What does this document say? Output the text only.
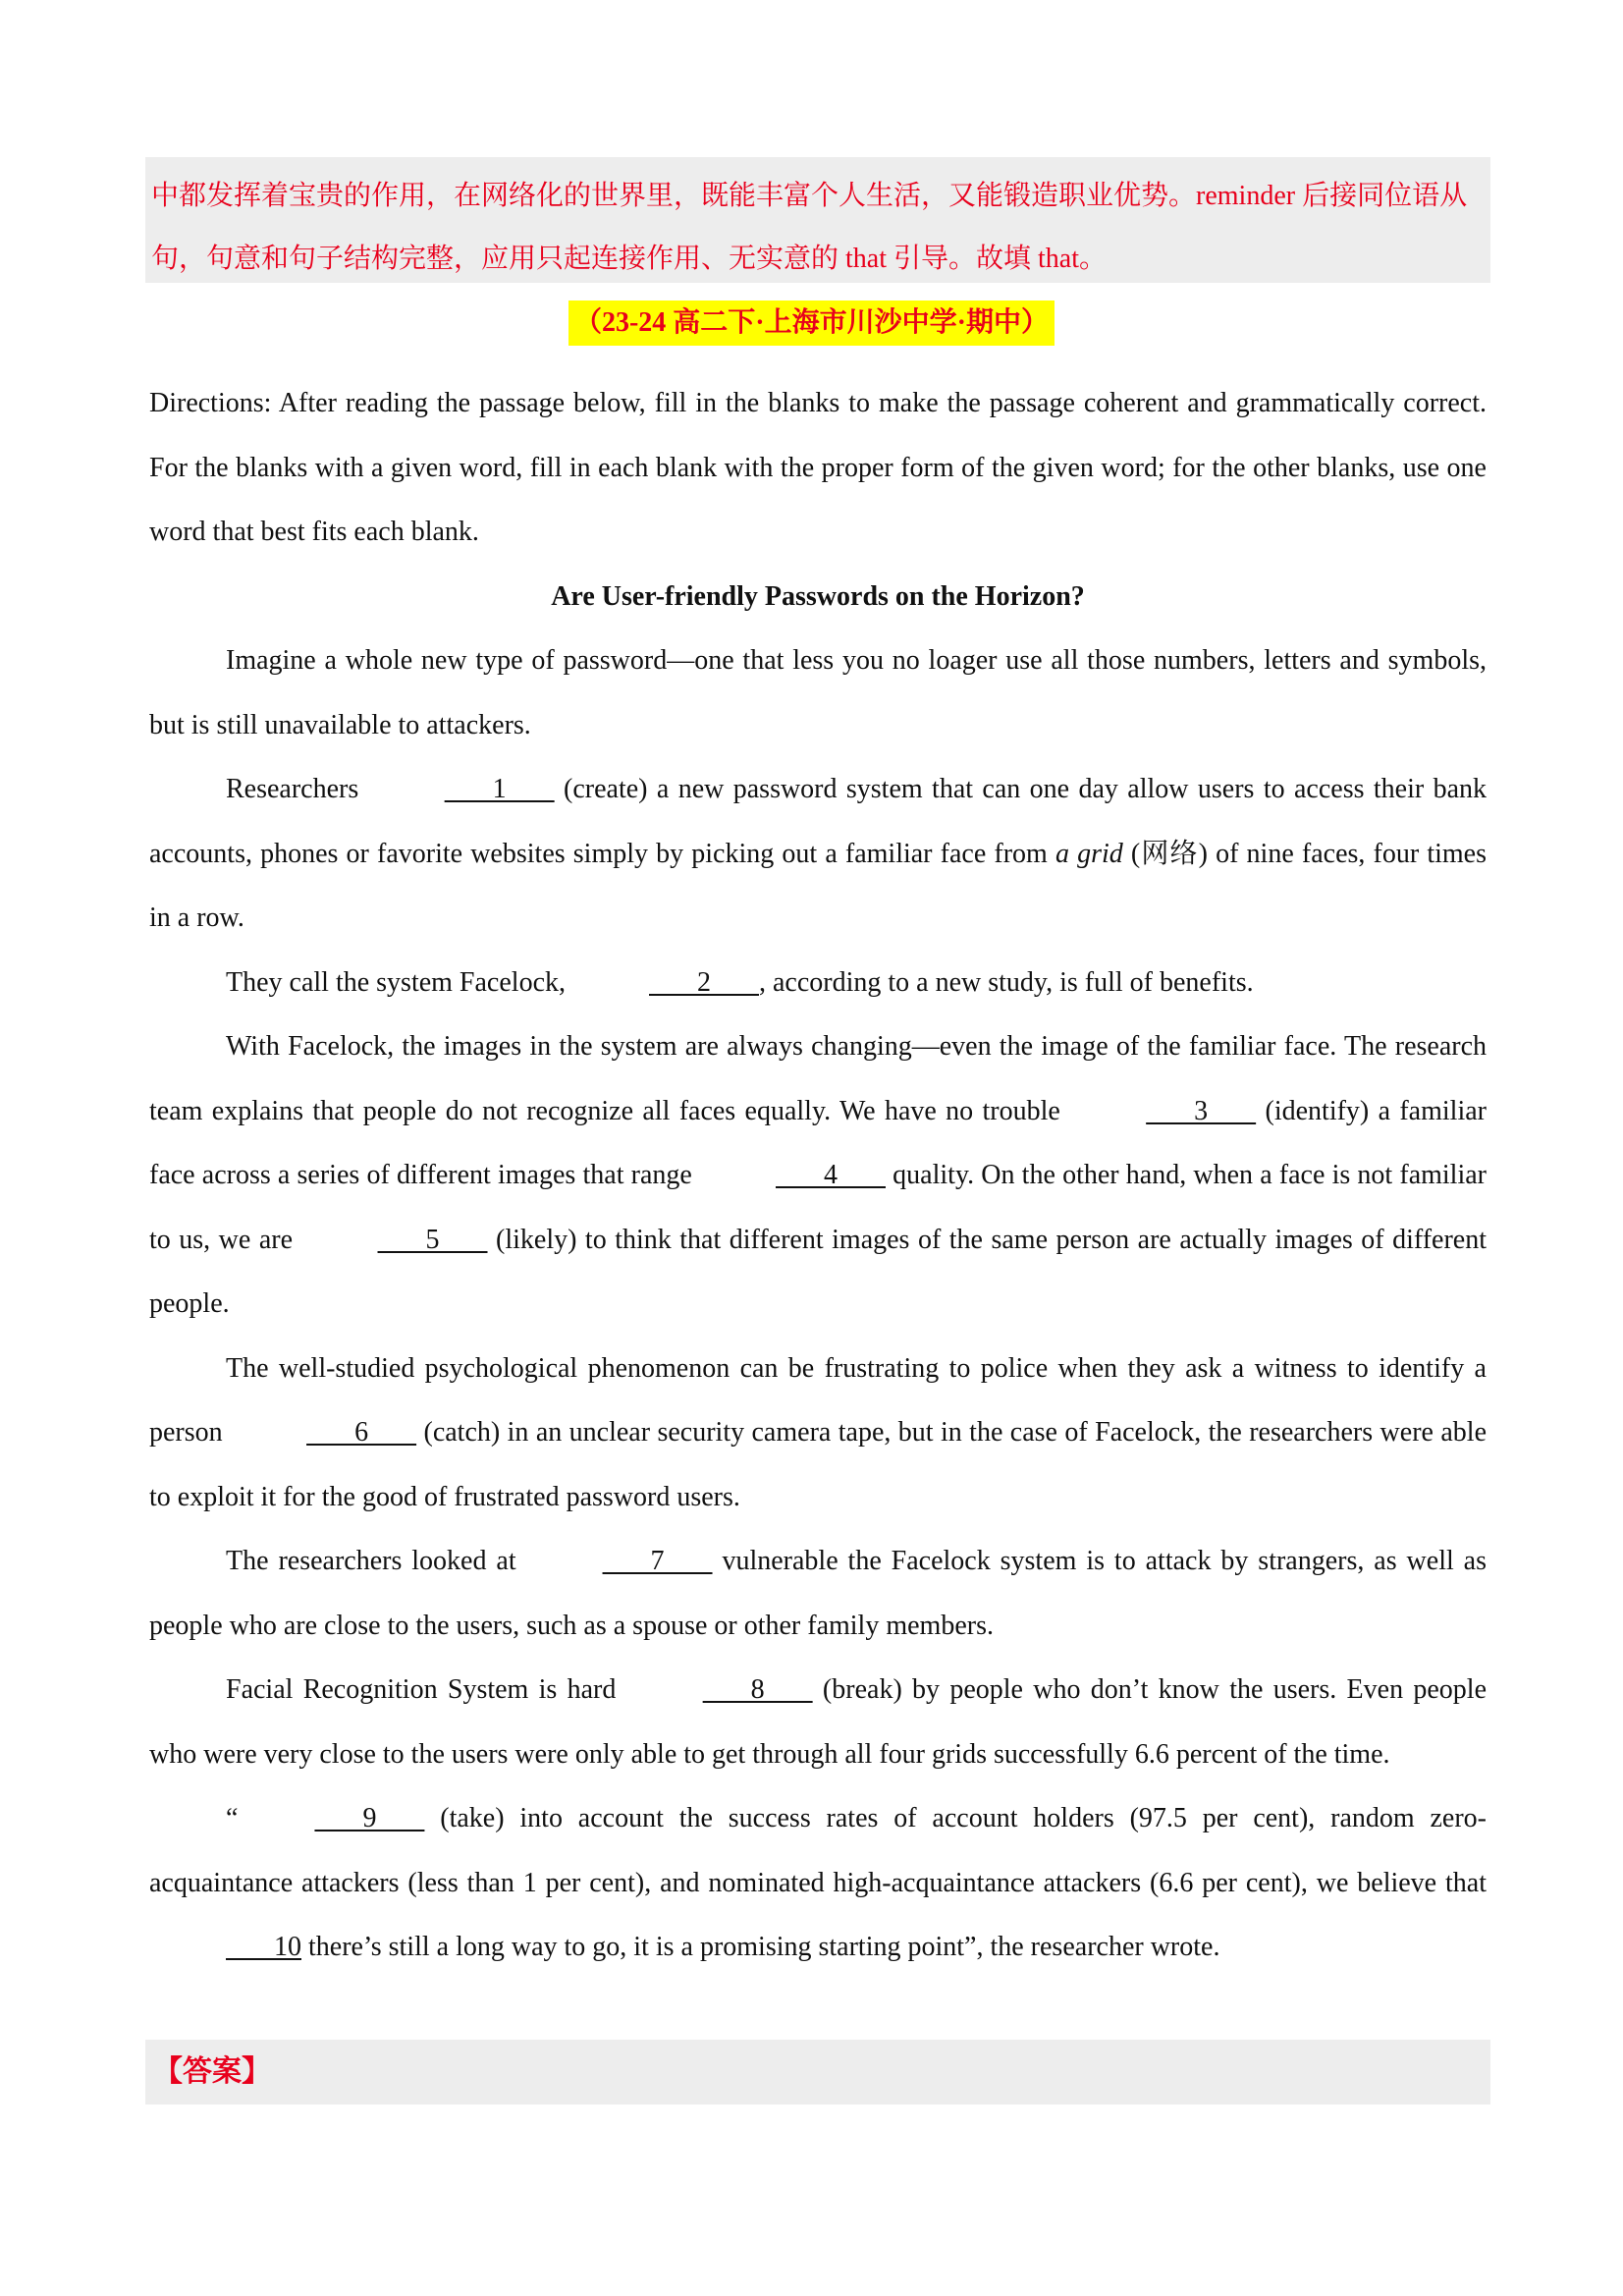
中都发挥着宝贵的作用，在网络化的世界里，既能丰富个人生活，又能锻造职业优势。reminder 后接同位语从句，句意和句子结构完整，应用只起连接作用、无实意的 that 引导。故填 that。

（23-24 高二下·上海市川沙中学·期中）

Directions: After reading the passage below, fill in the blanks to make the passage coherent and grammatically correct. For the blanks with a given word, fill in each blank with the proper form of the given word; for the other blanks, use one word that best fits each blank.

Are User-friendly Passwords on the Horizon?

Imagine a whole new type of password—one that less you no loager use all those numbers, letters and symbols, but is still unavailable to attackers.

Researchers	1        (create) a new password system that can one day allow users to access their bank accounts, phones or favorite websites simply by picking out a familiar face from a grid (网络) of nine faces, four times in a row.

They call the system Facelock,	2       , according to a new study, is full of benefits.

With Facelock, the images in the system are always changing—even the image of the familiar face. The research team explains that people do not recognize all faces equally. We have no trouble	3        (identify) a familiar face across a series of different images that range	4        quality. On the other hand, when a face is not familiar to us, we are	5        (likely) to think that different images of the same person are actually images of different people.

The well-studied psychological phenomenon can be frustrating to police when they ask a witness to identify a person	6        (catch) in an unclear security camera tape, but in the case of Facelock, the researchers were able to exploit it for the good of frustrated password users.

The researchers looked at	7        vulnerable the Facelock system is to attack by strangers, as well as people who are close to the users, such as a spouse or other family members.

Facial Recognition System is hard	8        (break) by people who don’t know the users. Even people who were very close to the users were only able to get through all four grids successfully 6.6 percent of the time.

“	9        (take) into account the success rates of account holders (97.5 per cent), random zero-acquaintance attackers (less than 1 per cent), and nominated high-acquaintance attackers (6.6 per cent), we believe that        10 there’s still a long way to go, it is a promising starting point”, the researcher wrote.

【答案】
